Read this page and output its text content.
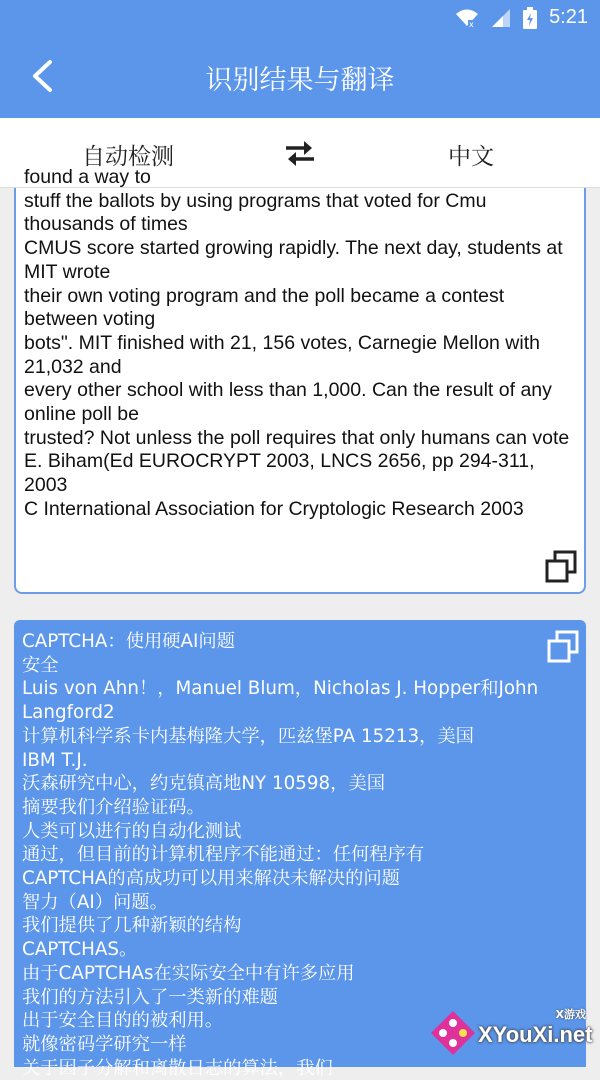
x	5:21
识别结果与翻译
自动检测	中文
found a way to
stuff the ballots by using programs that voted for Cmu thousands of times
CMUS score started growing rapidly. The next day, students at MIT wrote
their own voting program and the poll became a contest between voting
bots". MIT finished with 21, 156 votes, Carnegie Mellon with 21,032 and
every other school with less than 1,000. Can the result of any online poll be
trusted? Not unless the poll requires that only humans can vote
E. Biham(Ed EUROCRYPT 2003, LNCS 2656, pp 294-311, 2003
C International Association for Cryptologic Research 2003
CAPTCHA：使用硬AI问题
安全
Luis von Ahn！，Manuel Blum，Nicholas J. Hopper和John Langford2
计算机科学系卡内基梅隆大学，匹兹堡PA 15213，美国
IBM T.J.
沃森研究中心，约克镇高地NY 10598，美国
摘要我们介绍验证码。
人类可以进行的自动化测试
通过，但目前的计算机程序不能通过：任何程序有
CAPTCHA的高成功可以用来解决未解决的问题
智力（AI）问题。
我们提供了几种新颖的结构
CAPTCHAS。
由于CAPTCHAs在实际安全中有许多应用
我们的方法引入了一类新的难题
出于安全目的的被利用。
就像密码学研究一样
关于因子分解和离散日志的算法，我们
X游戏
XYouXi.net
